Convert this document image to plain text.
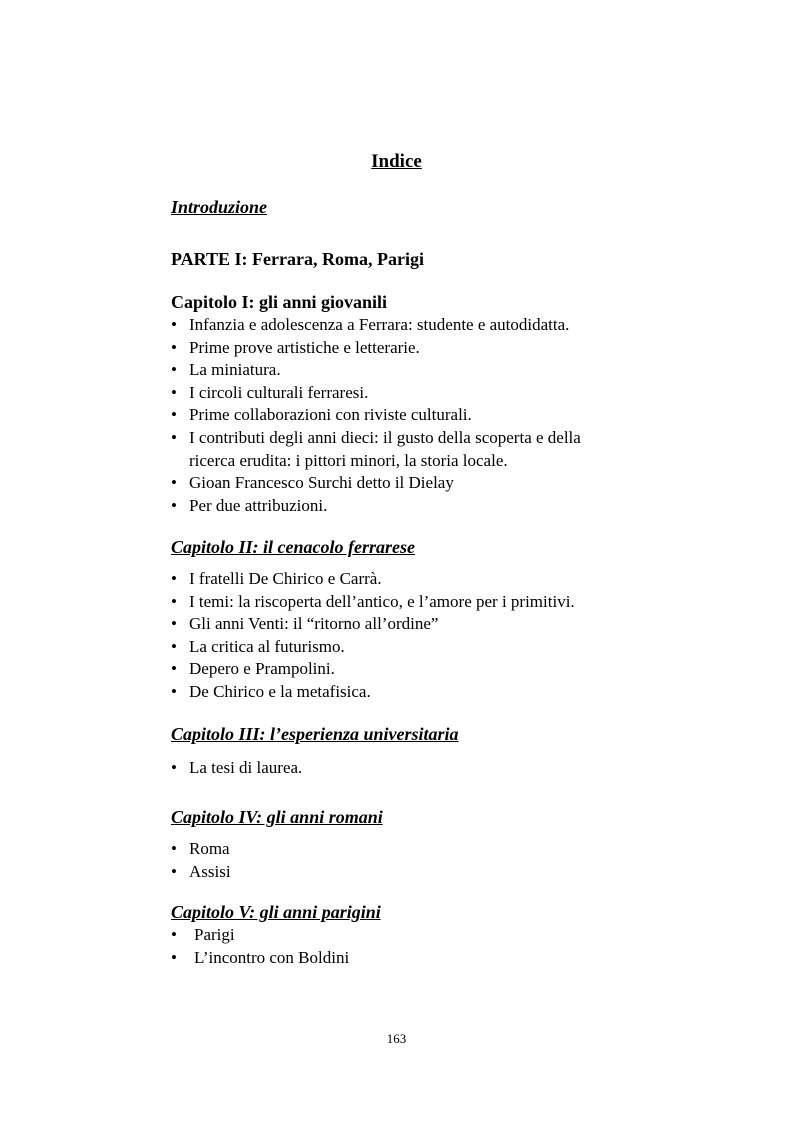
Indice
Introduzione
PARTE I: Ferrara, Roma, Parigi
Capitolo I: gli anni giovanili
• Infanzia e adolescenza a Ferrara: studente e autodidatta.
• Prime prove artistiche e letterarie.
• La miniatura.
• I circoli culturali ferraresi.
• Prime collaborazioni con riviste culturali.
• I contributi degli anni dieci: il gusto della scoperta e della
ricerca erudita: i pittori minori, la storia locale.
• Gioan Francesco Surchi detto il Dielay
• Per due attribuzioni.
Capitolo II: il cenacolo ferrarese
• I fratelli De Chirico e Carrà.
• I temi: la riscoperta dell’antico, e l’amore per i primitivi.
• Gli anni Venti: il “ritorno all’ordine”
• La critica al futurismo.
• Depero e Prampolini.
• De Chirico e la metafisica.
Capitolo III: l’esperienza universitaria
• La tesi di laurea.
Capitolo IV: gli anni romani
• Roma
• Assisi
Capitolo V: gli anni parigini
• Parigi
• L’incontro con Boldini
163
